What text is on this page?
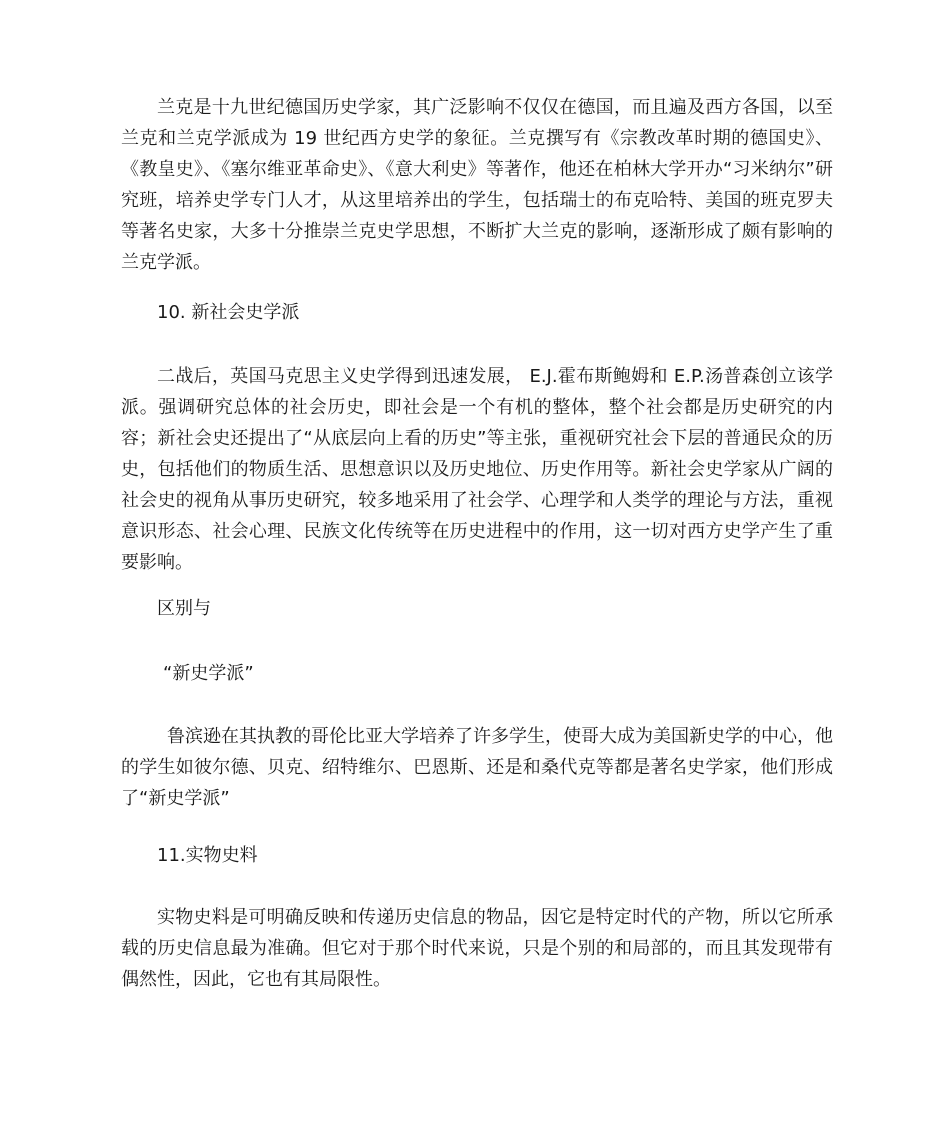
兰克是十九世纪德国历史学家，其广泛影响不仅仅在德国，而且遍及西方各国，以至兰克和兰克学派成为 19 世纪西方史学的象征。兰克撰写有《宗教改革时期的德国史》、《教皇史》、《塞尔维亚革命史》、《意大利史》等著作，他还在柏林大学开办“习米纳尔”研究班，培养史学专门人才，从这里培养出的学生，包括瑞士的布克哈特、美国的班克罗夫等著名史家，大多十分推崇兰克史学思想，不断扩大兰克的影响，逐渐形成了颇有影响的兰克学派。

10. 新社会史学派

二战后，英国马克思主义史学得到迅速发展， E.J.霍布斯鲍姆和 E.P.汤普森创立该学派。强调研究总体的社会历史，即社会是一个有机的整体，整个社会都是历史研究的内容；新社会史还提出了“从底层向上看的历史”等主张，重视研究社会下层的普通民众的历史，包括他们的物质生活、思想意识以及历史地位、历史作用等。新社会史学家从广阔的社会史的视角从事历史研究，较多地采用了社会学、心理学和人类学的理论与方法，重视意识形态、社会心理、民族文化传统等在历史进程中的作用，这一切对西方史学产生了重要影响。

区别与

“新史学派”

鲁滨逊在其执教的哥伦比亚大学培养了许多学生，使哥大成为美国新史学的中心，他的学生如彼尔德、贝克、绍特维尔、巴恩斯、还是和桑代克等都是著名史学家，他们形成了“新史学派”

11.实物史料

实物史料是可明确反映和传递历史信息的物品，因它是特定时代的产物，所以它所承载的历史信息最为准确。但它对于那个时代来说，只是个别的和局部的，而且其发现带有偶然性，因此，它也有其局限性。
